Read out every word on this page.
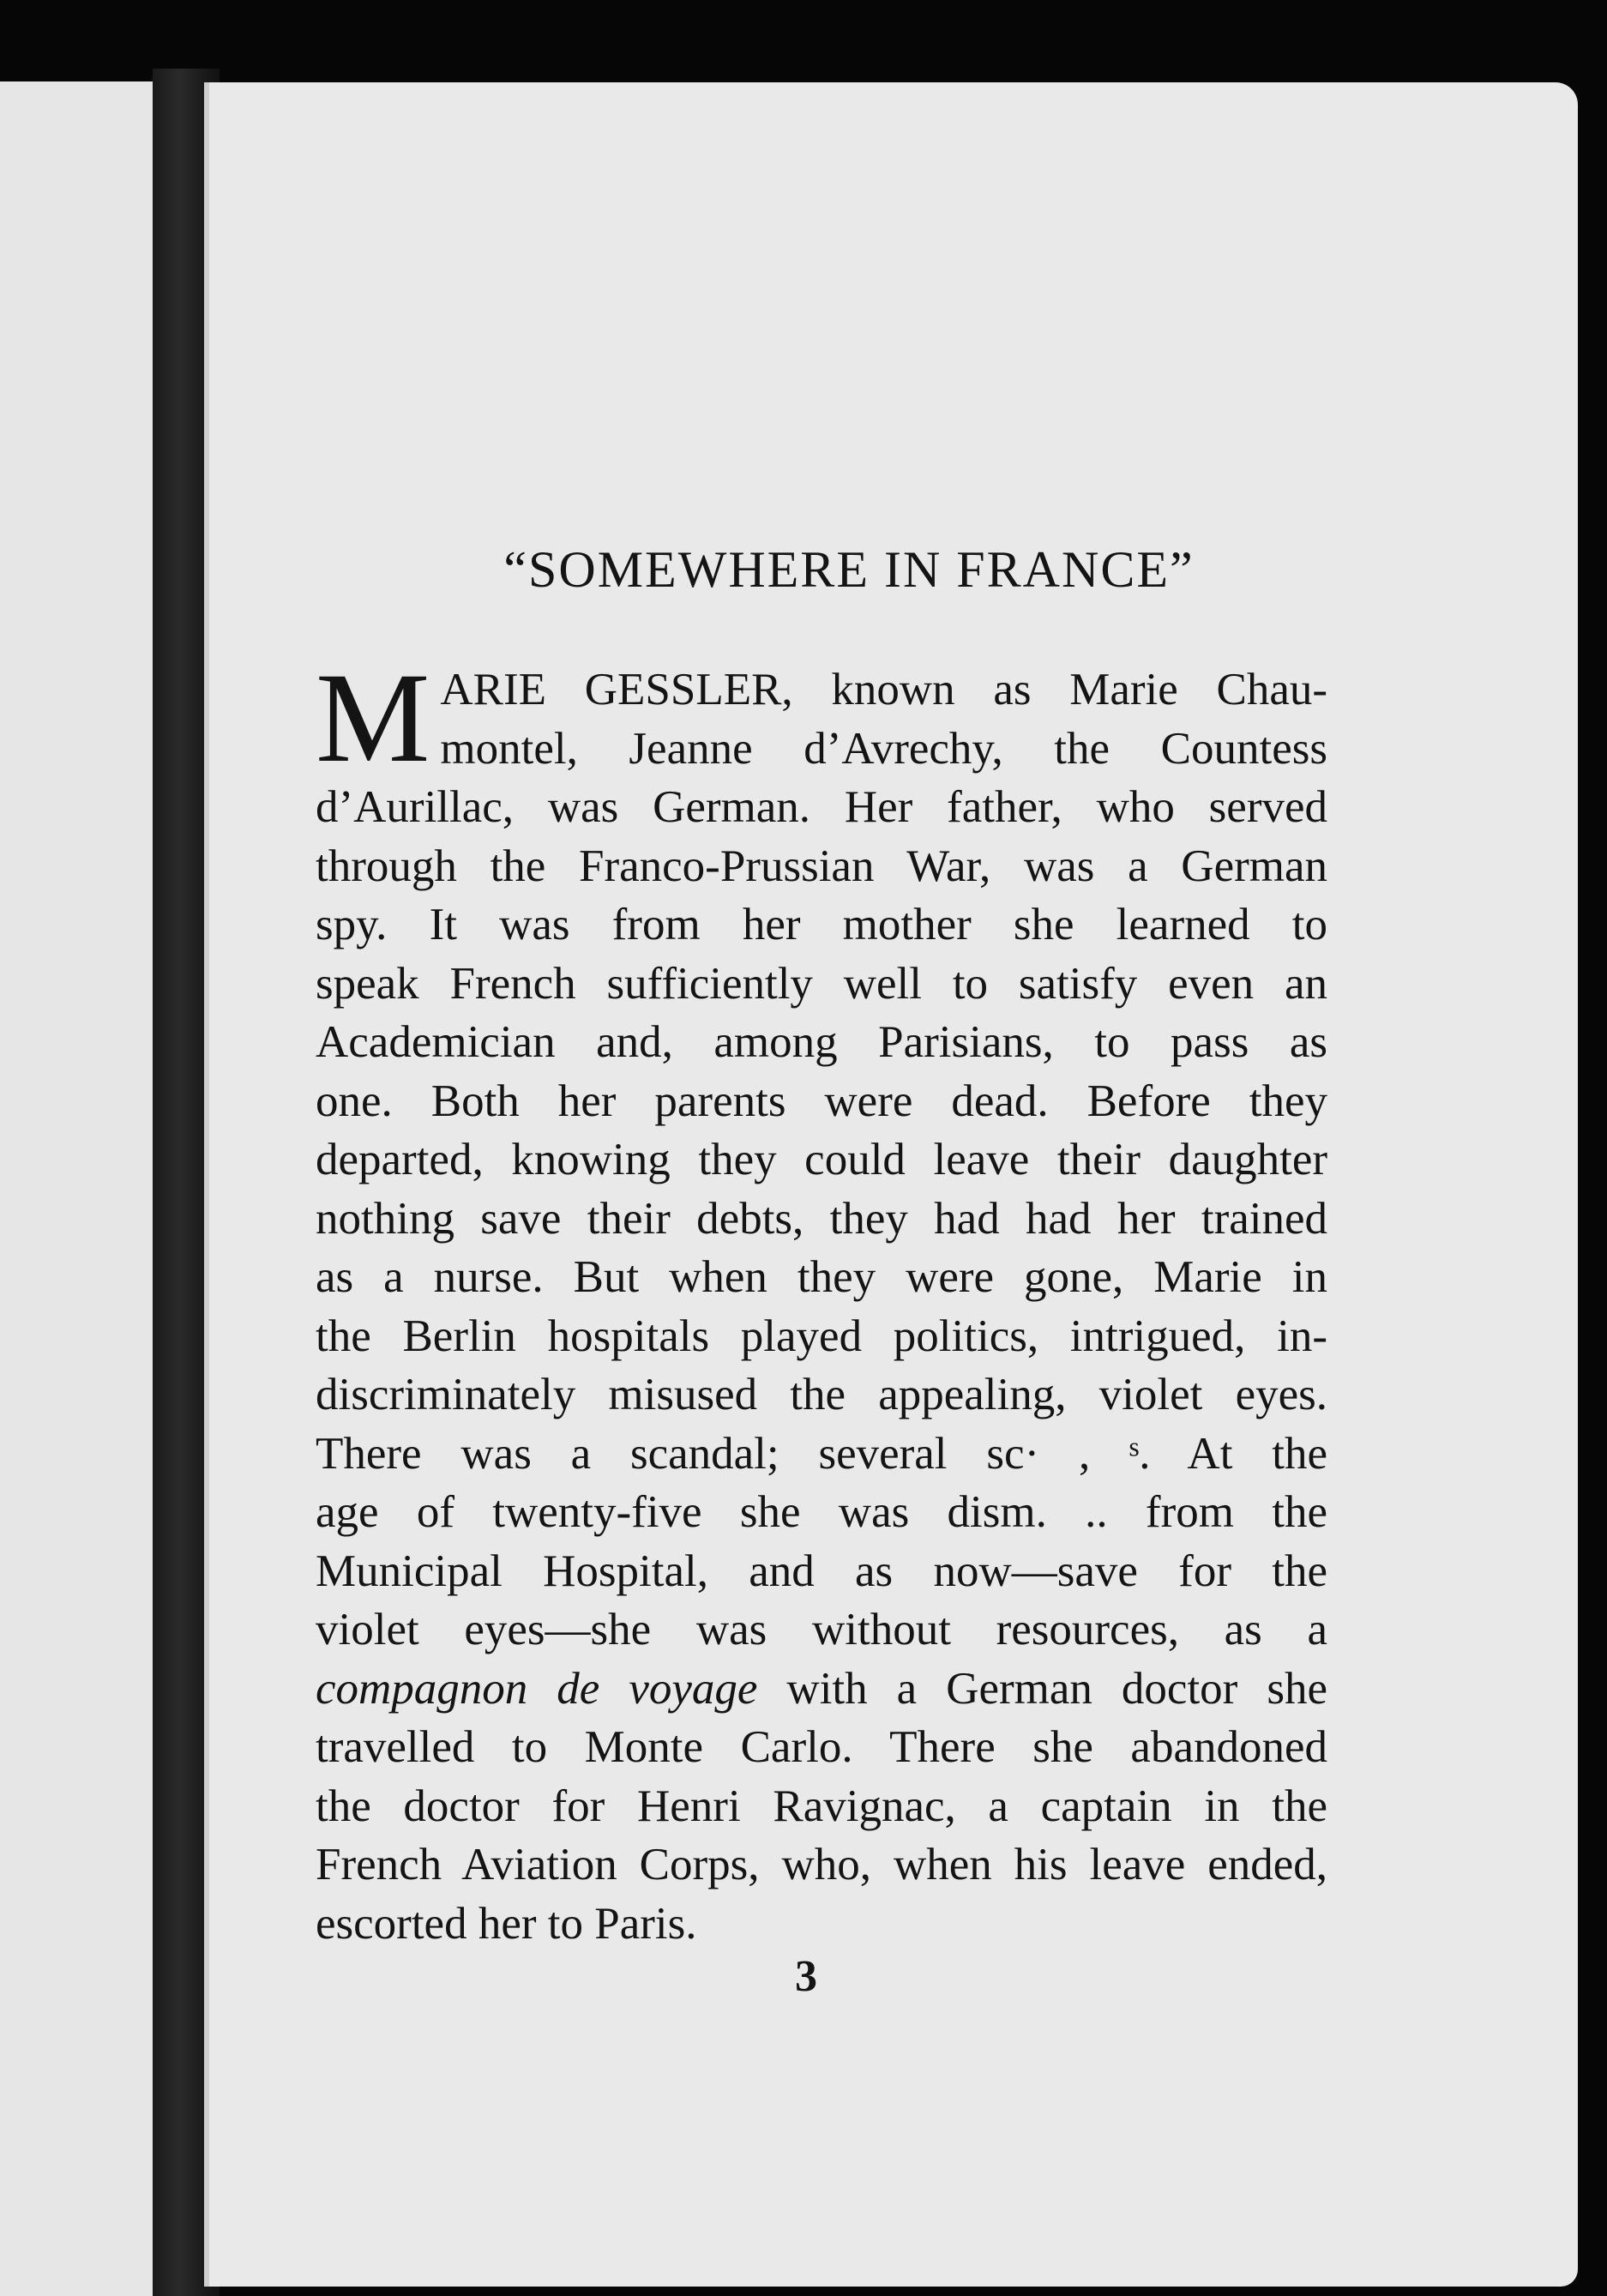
“SOMEWHERE IN FRANCE”
M ARIE GESSLER, known as Marie Chau-
montel, Jeanne d’Avrechy, the Countess
d’Aurillac, was German. Her father, who served
through the Franco-Prussian War, was a German
spy. It was from her mother she learned to
speak French sufficiently well to satisfy even an
Academician and, among Parisians, to pass as
one. Both her parents were dead. Before they
departed, knowing they could leave their daughter
nothing save their debts, they had had her trained
as a nurse. But when they were gone, Marie in
the Berlin hospitals played politics, intrigued, in-
discriminately misused the appealing, violet eyes.
There was a scandal; several sc· , ˢ. At the
age of twenty-five she was dism. .. from the
Municipal Hospital, and as now—save for the
violet eyes—she was without resources, as a
compagnon de voyage with a German doctor she
travelled to Monte Carlo. There she abandoned
the doctor for Henri Ravignac, a captain in the
French Aviation Corps, who, when his leave ended,
escorted her to Paris.
3
